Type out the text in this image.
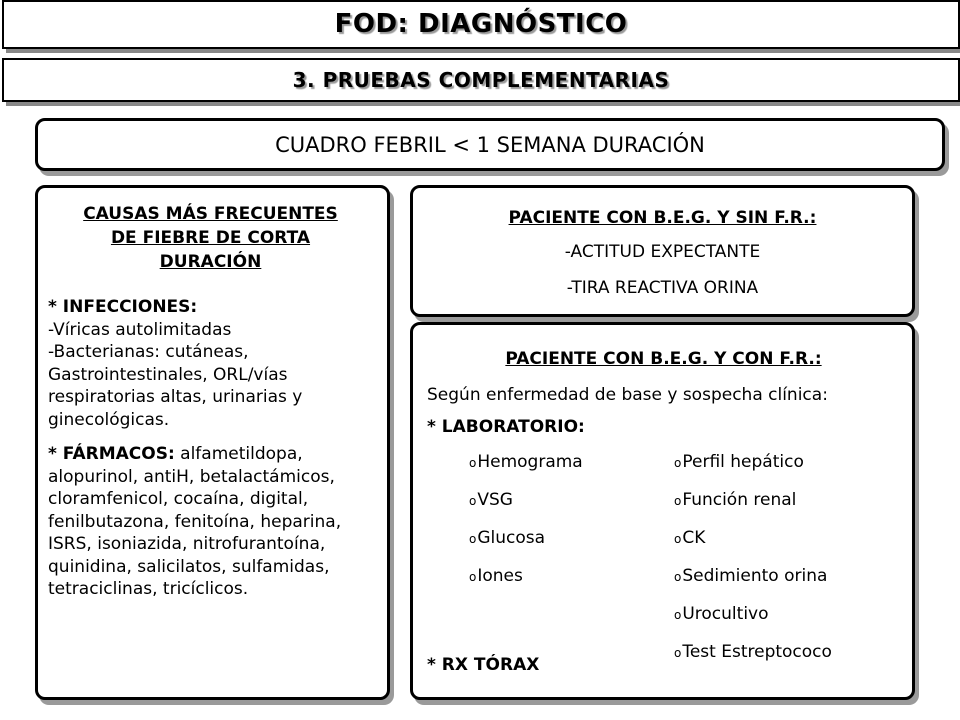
FOD: DIAGNÓSTICO
3. PRUEBAS COMPLEMENTARIAS
CUADRO FEBRIL < 1 SEMANA DURACIÓN
CAUSAS MÁS FRECUENTES
DE FIEBRE DE CORTA
DURACIÓN

* INFECCIONES:

-Víricas autolimitadas

-Bacterianas: cutáneas, Gastrointestinales, ORL/vías respiratorias altas, urinarias y ginecológicas.

* FÁRMACOS: alfametildopa, alopurinol, antiH, betalactámicos, cloramfenicol, cocaína, digital, fenilbutazona, fenitoína, heparina, ISRS, isoniazida, nitrofurantoína, quinidina, salicilatos, sulfamidas, tetraciclinas, tricíclicos.

PACIENTE CON B.E.G. Y SIN F.R.:
-ACTITUD EXPECTANTE
-TIRA REACTIVA ORINA
PACIENTE CON B.E.G. Y CON F.R.:
Según enfermedad de base y sospecha clínica:
* LABORATORIO:
oHemograma
oVSG
oGlucosa
oIones
oPerfil hepático
oFunción renal
oCK
oSedimiento orina
oUrocultivo
oTest Estreptococo
* RX TÓRAX
